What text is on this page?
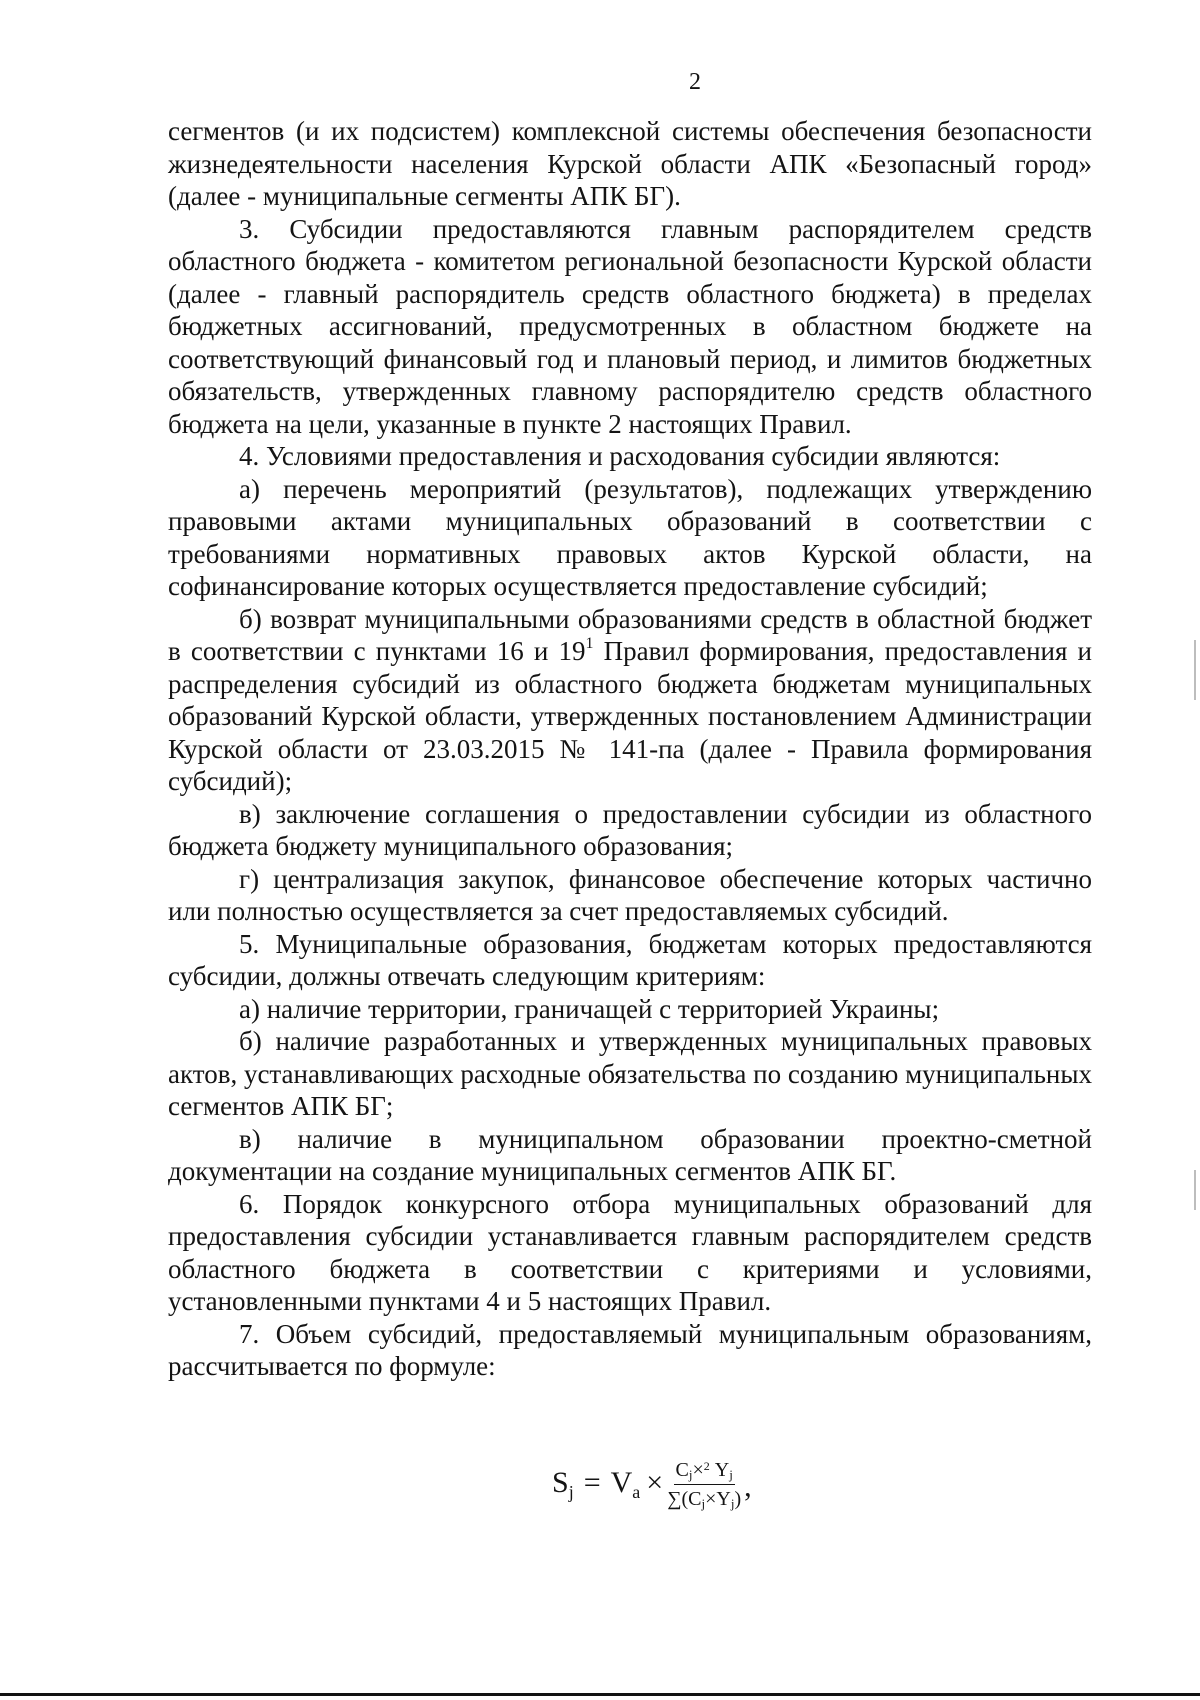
2

сегментов (и их подсистем) комплексной системы обеспечения безопасности жизнедеятельности населения Курской области АПК «Безопасный город» (далее - муниципальные сегменты АПК БГ).

3. Субсидии предоставляются главным распорядителем средств областного бюджета - комитетом региональной безопасности Курской области (далее - главный распорядитель средств областного бюджета) в пределах бюджетных ассигнований, предусмотренных в областном бюджете на соответствующий финансовый год и плановый период, и лимитов бюджетных обязательств, утвержденных главному распорядителю средств областного бюджета на цели, указанные в пункте 2 настоящих Правил.

4. Условиями предоставления и расходования субсидии являются:

а) перечень мероприятий (результатов), подлежащих утверждению правовыми актами муниципальных образований в соответствии с требованиями нормативных правовых актов Курской области, на софинансирование которых осуществляется предоставление субсидий;

б) возврат муниципальными образованиями средств в областной бюджет в соответствии с пунктами 16 и $19^1$ Правил формирования, предоставления и распределения субсидий из областного бюджета бюджетам муниципальных образований Курской области, утвержденных постановлением Администрации Курской области от 23.03.2015 № 141-па (далее - Правила формирования субсидий);

в) заключение соглашения о предоставлении субсидии из областного бюджета бюджету муниципального образования;

г) централизация закупок, финансовое обеспечение которых частично или полностью осуществляется за счет предоставляемых субсидий.

5. Муниципальные образования, бюджетам которых предоставляются субсидии, должны отвечать следующим критериям:

а) наличие территории, граничащей с территорией Украины;

б) наличие разработанных и утвержденных муниципальных правовых актов, устанавливающих расходные обязательства по созданию муниципальных сегментов АПК БГ;

в) наличие в муниципальном образовании проектно-сметной документации на создание муниципальных сегментов АПК БГ.

6. Порядок конкурсного отбора муниципальных образований для предоставления субсидии устанавливается главным распорядителем средств областного бюджета в соответствии с критериями и условиями, установленными пунктами 4 и 5 настоящих Правил.

7. Объем субсидий, предоставляемый муниципальным образованиям, рассчитывается по формуле:

$S_j = V_a \times \frac{C_j\times^2 Y_j}{\sum(C_j\times Y_j)}$ ,
